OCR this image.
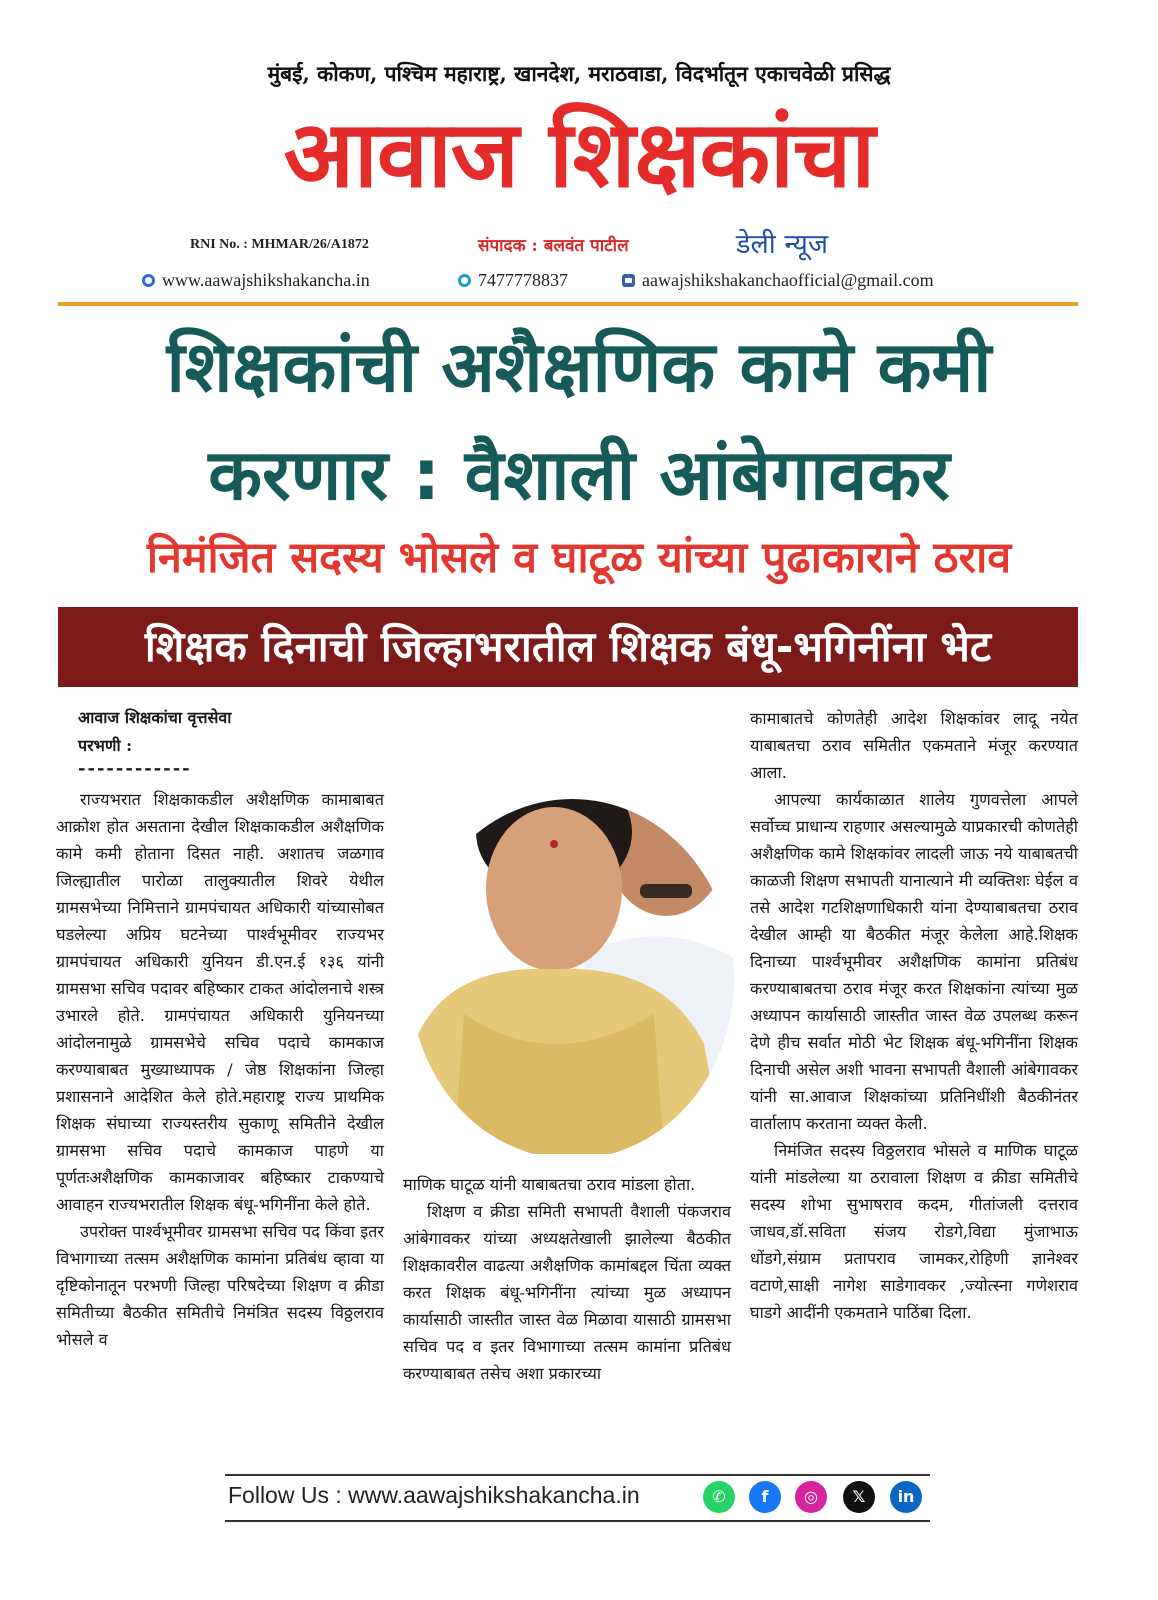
मुंबई, कोकण, पश्चिम महाराष्ट्र, खानदेश, मराठवाडा, विदर्भातून एकाचवेळी प्रसिद्ध
आवाज शिक्षकांचा
RNI No. : MHMAR/26/A1872	संपादक : बलवंत पाटील	डेली न्यूज
www.aawajshikshakancha.in	7477778837	aawajshikshakanchaofficial@gmail.com
शिक्षकांची अशैक्षणिक कामे कमी
करणार : वैशाली आंबेगावकर
निमंजित सदस्य भोसले व घाटूळ यांच्या पुढाकाराने ठराव
शिक्षक दिनाची जिल्हाभरातील शिक्षक बंधू-भगिनींना भेट
आवाज शिक्षकांचा वृत्तसेवा
परभणी :
------------

राज्यभरात शिक्षकाकडील अशैक्षणिक कामाबाबत आक्रोश होत असताना देखील शिक्षकाकडील अशैक्षणिक कामे कमी होताना दिसत नाही. अशातच जळगाव जिल्ह्यातील पारोळा तालुक्यातील शिवरे येथील ग्रामसभेच्या निमित्ताने ग्रामपंचायत अधिकारी यांच्यासोबत घडलेल्या अप्रिय घटनेच्या पार्श्वभूमीवर राज्यभर ग्रामपंचायत अधिकारी युनियन डी.एन.ई १३६ यांनी ग्रामसभा सचिव पदावर बहिष्कार टाकत आंदोलनाचे शस्त्र उभारले होते. ग्रामपंचायत अधिकारी युनियनच्या आंदोलनामुळे ग्रामसभेचे सचिव पदाचे कामकाज करण्याबाबत मुख्याध्यापक / जेष्ठ शिक्षकांना जिल्हा प्रशासनाने आदेशित केले होते.महाराष्ट्र राज्य प्राथमिक शिक्षक संघाच्या राज्यस्तरीय सुकाणू समितीने देखील ग्रामसभा सचिव पदाचे कामकाज पाहणे या पूर्णतःअशैक्षणिक कामकाजावर बहिष्कार टाकण्याचे आवाहन राज्यभरातील शिक्षक बंधू-भगिनींना केले होते.

उपरोक्त पार्श्वभूमीवर ग्रामसभा सचिव पद किंवा इतर विभागाच्या तत्सम अशैक्षणिक कामांना प्रतिबंध व्हावा या दृष्टिकोनातून परभणी जिल्हा परिषदेच्या शिक्षण व क्रीडा समितीच्या बैठकीत समितीचे निमंत्रित सदस्य विठ्ठलराव भोसले व

माणिक घाटूळ यांनी याबाबतचा ठराव मांडला होता.

शिक्षण व क्रीडा समिती सभापती वैशाली पंकजराव आंबेगावकर यांच्या अध्यक्षतेखाली झालेल्या बैठकीत शिक्षकावरील वाढत्या अशैक्षणिक कामांबद्दल चिंता व्यक्त करत शिक्षक बंधू-भगिनींना त्यांच्या मुळ अध्यापन कार्यासाठी जास्तीत जास्त वेळ मिळावा यासाठी ग्रामसभा सचिव पद व इतर विभागाच्या तत्सम कामांना प्रतिबंध करण्याबाबत तसेच अशा प्रकारच्या

कामाबातचे कोणतेही आदेश शिक्षकांवर लादू नयेत याबाबतचा ठराव समितीत एकमताने मंजूर करण्यात आला.

आपल्या कार्यकाळात शालेय गुणवत्तेला आपले सर्वोच्च प्राधान्य राहणार असल्यामुळे याप्रकारची कोणतेही अशैक्षणिक कामे शिक्षकांवर लादली जाऊ नये याबाबतची काळजी शिक्षण सभापती यानात्याने मी व्यक्तिशः घेईल व तसे आदेश गटशिक्षणाधिकारी यांना देण्याबाबतचा ठराव देखील आम्ही या बैठकीत मंजूर केलेला आहे.शिक्षक दिनाच्या पार्श्वभूमीवर अशैक्षणिक कामांना प्रतिबंध करण्याबाबतचा ठराव मंजूर करत शिक्षकांना त्यांच्या मुळ अध्यापन कार्यासाठी जास्तीत जास्त वेळ उपलब्ध करून देणे हीच सर्वात मोठी भेट शिक्षक बंधू-भगिनींना शिक्षक दिनाची असेल अशी भावना सभापती वैशाली आंबेगावकर यांनी सा.आवाज शिक्षकांच्या प्रतिनिधींशी बैठकीनंतर वार्तालाप करताना व्यक्त केली.

निमंजित सदस्य विठ्ठलराव भोसले व माणिक घाटूळ यांनी मांडलेल्या या ठरावाला शिक्षण व क्रीडा समितीचे सदस्य शोभा सुभाषराव कदम, गीतांजली दत्तराव जाधव,डॉ.सविता संजय रोडगे,विद्या मुंजाभाऊ धोंडगे,संग्राम प्रतापराव जामकर,रोहिणी ज्ञानेश्वर वटाणे,साक्षी नागेश साडेगावकर ,ज्योत्स्ना गणेशराव घाडगे आदींनी एकमताने पाठिंबा दिला.

Follow Us : www.aawajshikshakancha.in	✆	f	◎	𝕏	in
